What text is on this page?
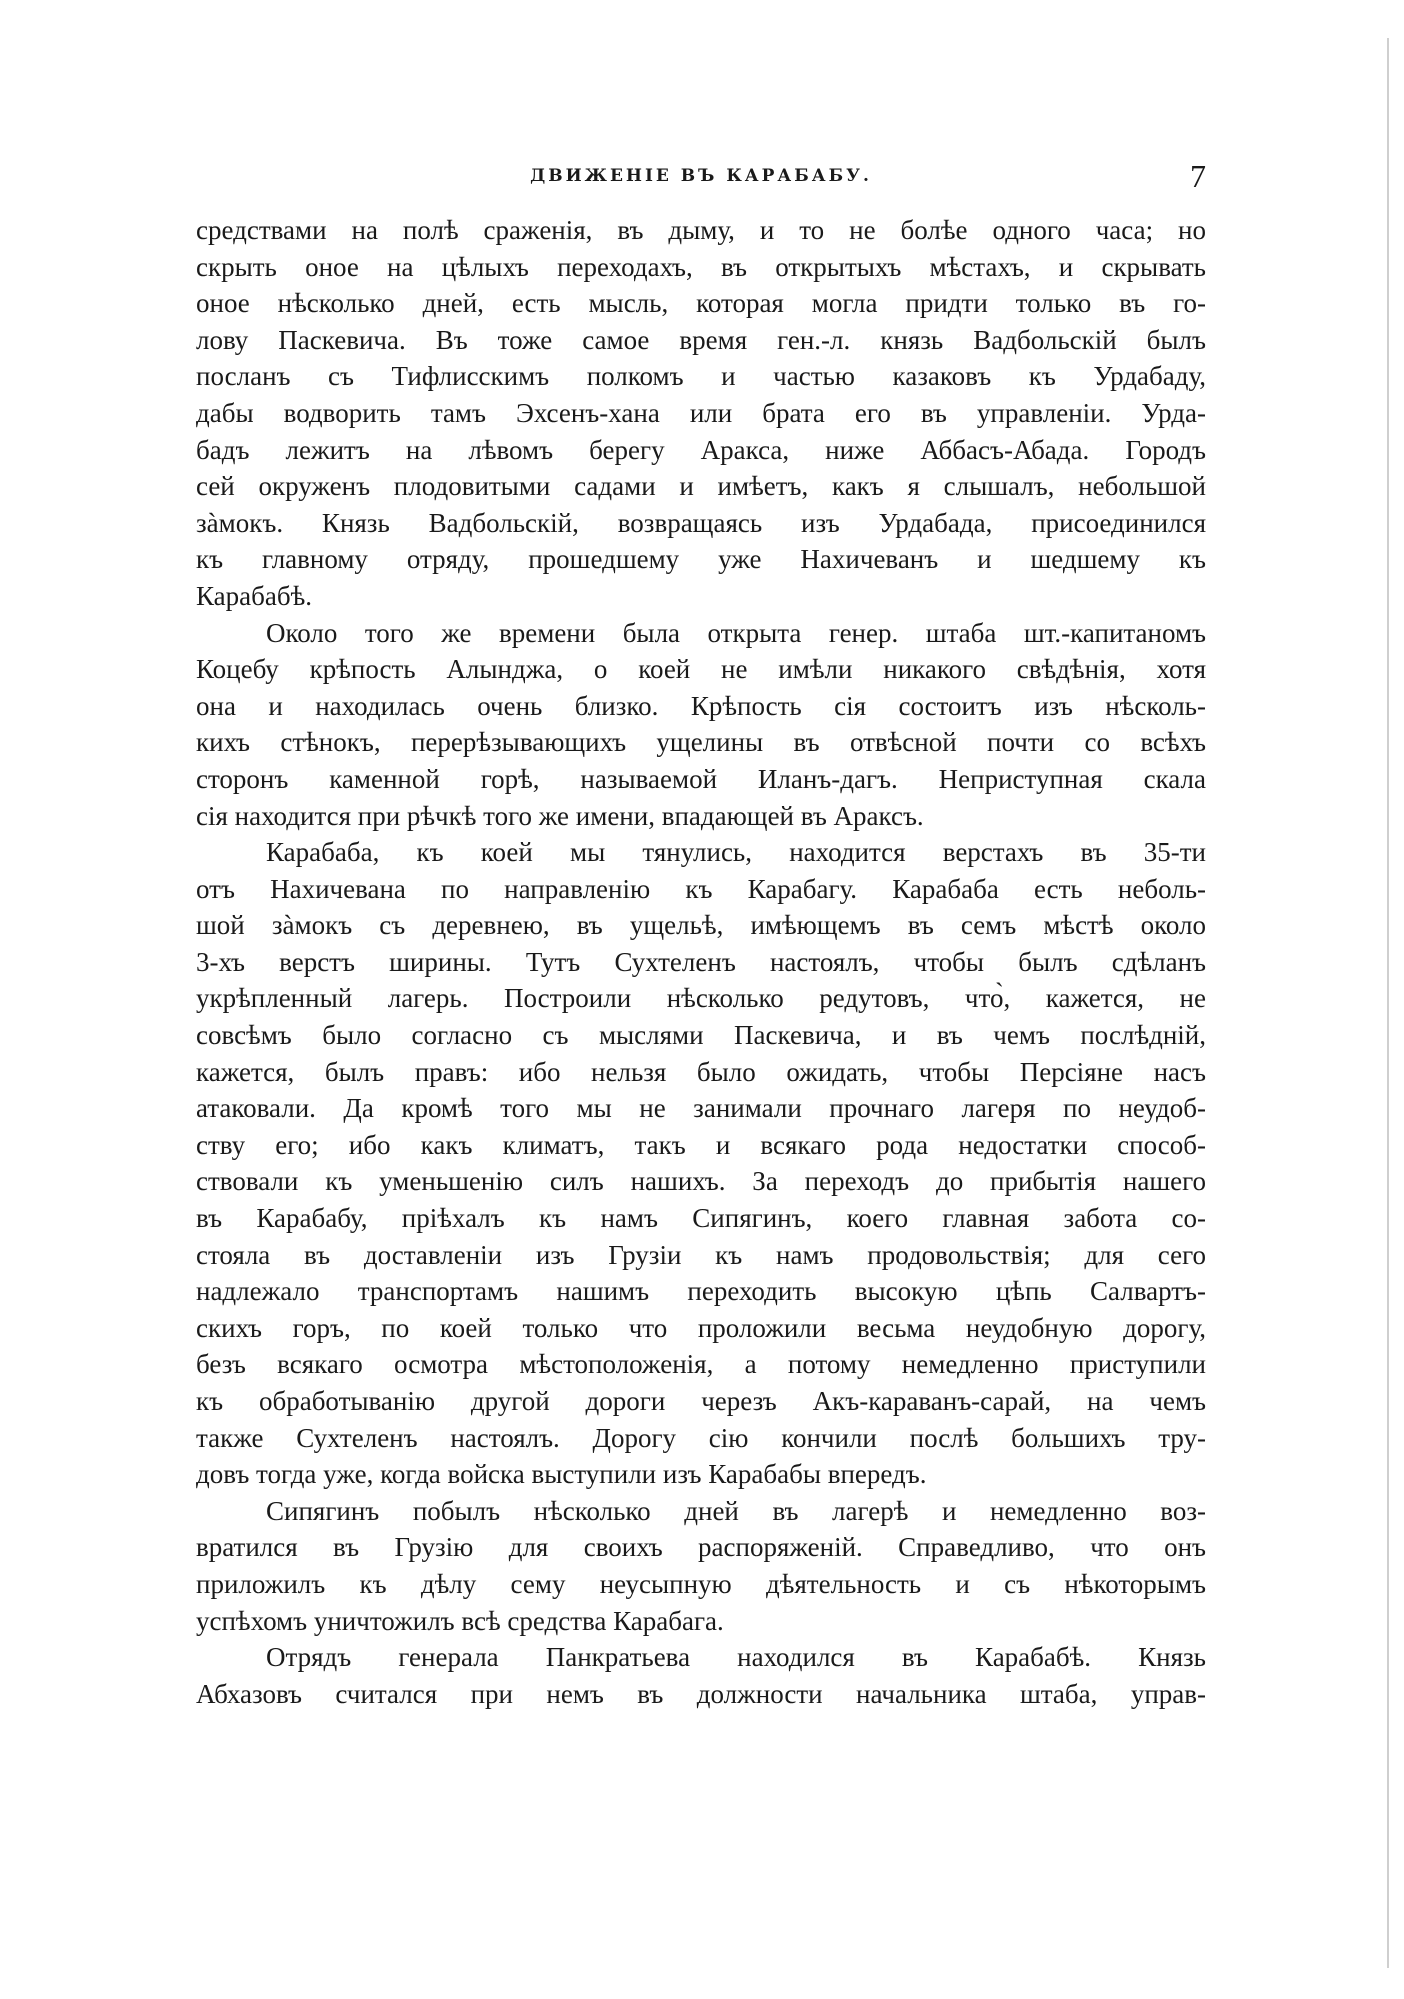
ДВИЖЕНІЕ ВЪ КАРАБАБУ.	7
средствами на полѣ сраженія, въ дыму, и то не болѣе одного часа; но
скрыть оное на цѣлыхъ переходахъ, въ открытыхъ мѣстахъ, и скрывать
оное нѣсколько дней, есть мысль, которая могла придти только въ го-
лову Паскевича. Въ тоже самое время ген.-л. князь Вадбольскій былъ
посланъ съ Тифлисскимъ полкомъ и частью казаковъ къ Урдабаду,
дабы водворить тамъ Эхсенъ-хана или брата его въ управленіи. Урда-
бадъ лежитъ на лѣвомъ берегу Аракса, ниже Аббасъ-Абада. Городъ
сей окруженъ плодовитыми садами и имѣетъ, какъ я слышалъ, небольшой
зàмокъ. Князь Вадбольскій, возвращаясь изъ Урдабада, присоединился
къ главному отряду, прошедшему уже Нахичеванъ и шедшему къ
Карабабѣ.
Около того же времени была открыта генер. штаба шт.-капитаномъ
Коцебу крѣпость Алынджа, о коей не имѣли никакого свѣдѣнія, хотя
она и находилась очень близко. Крѣпость сія состоитъ изъ нѣсколь-
кихъ стѣнокъ, перерѣзывающихъ ущелины въ отвѣсной почти со всѣхъ
сторонъ каменной горѣ, называемой Иланъ-дагъ. Неприступная скала
сія находится при рѣчкѣ того же имени, впадающей въ Араксъ.
Карабаба, къ коей мы тянулись, находится верстахъ въ 35-ти
отъ Нахичевана по направленію къ Карабагу. Карабаба есть неболь-
шой зàмокъ съ деревнею, въ ущельѣ, имѣющемъ въ семъ мѣстѣ около
3-хъ верстъ ширины. Тутъ Сухтеленъ настоялъ, чтобы былъ сдѣланъ
укрѣпленный лагерь. Построили нѣсколько редутовъ, что̀, кажется, не
совсѣмъ было согласно съ мыслями Паскевича, и въ чемъ послѣдній,
кажется, былъ правъ: ибо нельзя было ожидать, чтобы Персіяне насъ
атаковали. Да кромѣ того мы не занимали прочнаго лагеря по неудоб-
ству его; ибо какъ климатъ, такъ и всякаго рода недостатки способ-
ствовали къ уменьшенію силъ нашихъ. За переходъ до прибытія нашего
въ Карабабу, пріѣхалъ къ намъ Сипягинъ, коего главная забота со-
стояла въ доставленіи изъ Грузіи къ намъ продовольствія; для сего
надлежало транспортамъ нашимъ переходить высокую цѣпь Салвартъ-
скихъ горъ, по коей только что проложили весьма неудобную дорогу,
безъ всякаго осмотра мѣстоположенія, а потому немедленно приступили
къ обработыванію другой дороги черезъ Акъ-караванъ-сарай, на чемъ
также Сухтеленъ настоялъ. Дорогу сію кончили послѣ большихъ тру-
довъ тогда уже, когда войска выступили изъ Карабабы впередъ.
Сипягинъ побылъ нѣсколько дней въ лагерѣ и немедленно воз-
вратился въ Грузію для своихъ распоряженій. Справедливо, что онъ
приложилъ къ дѣлу сему неусыпную дѣятельность и съ нѣкоторымъ
успѣхомъ уничтожилъ всѣ средства Карабага.
Отрядъ генерала Панкратьева находился въ Карабабѣ. Князь
Абхазовъ считался при немъ въ должности начальника штаба, управ-
